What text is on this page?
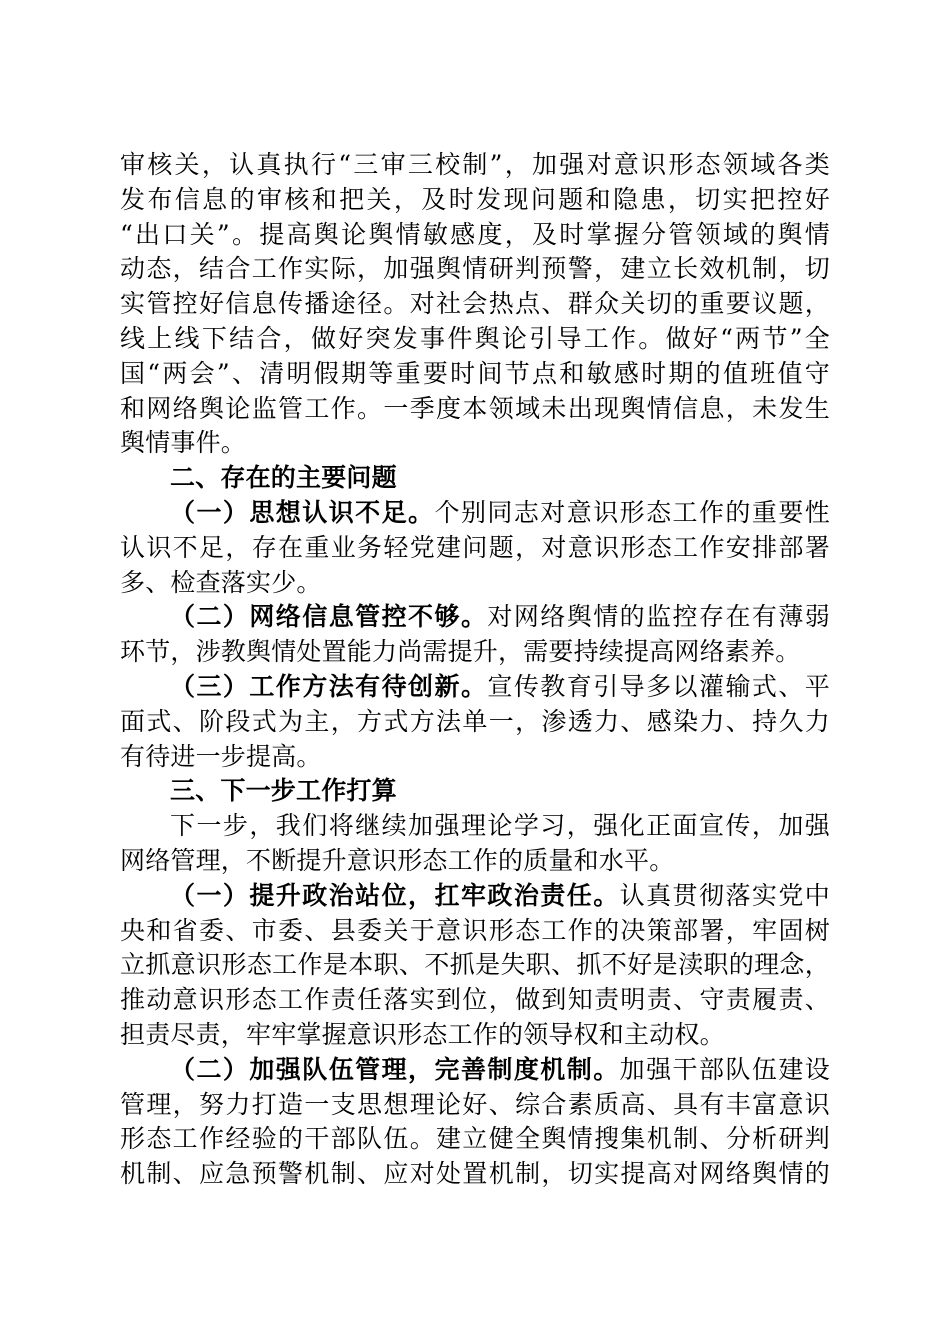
审核关，认真执行“三审三校制”，加强对意识形态领域各类
发布信息的审核和把关，及时发现问题和隐患，切实把控好
“出口关”。提高舆论舆情敏感度，及时掌握分管领域的舆情
动态，结合工作实际，加强舆情研判预警，建立长效机制，切
实管控好信息传播途径。对社会热点、群众关切的重要议题，
线上线下结合，做好突发事件舆论引导工作。做好“两节”全
国“两会”、清明假期等重要时间节点和敏感时期的值班值守
和网络舆论监管工作。一季度本领域未出现舆情信息，未发生
舆情事件。
二、存在的主要问题
（一）思想认识不足。个别同志对意识形态工作的重要性
认识不足，存在重业务轻党建问题，对意识形态工作安排部署
多、检查落实少。
（二）网络信息管控不够。对网络舆情的监控存在有薄弱
环节，涉教舆情处置能力尚需提升，需要持续提高网络素养。
（三）工作方法有待创新。宣传教育引导多以灌输式、平
面式、阶段式为主，方式方法单一，渗透力、感染力、持久力
有待进一步提高。
三、下一步工作打算
下一步，我们将继续加强理论学习，强化正面宣传，加强
网络管理，不断提升意识形态工作的质量和水平。
（一）提升政治站位，扛牢政治责任。认真贯彻落实党中
央和省委、市委、县委关于意识形态工作的决策部署，牢固树
立抓意识形态工作是本职、不抓是失职、抓不好是渎职的理念，
推动意识形态工作责任落实到位，做到知责明责、守责履责、
担责尽责，牢牢掌握意识形态工作的领导权和主动权。
（二）加强队伍管理，完善制度机制。加强干部队伍建设
管理，努力打造一支思想理论好、综合素质高、具有丰富意识
形态工作经验的干部队伍。建立健全舆情搜集机制、分析研判
机制、应急预警机制、应对处置机制，切实提高对网络舆情的
